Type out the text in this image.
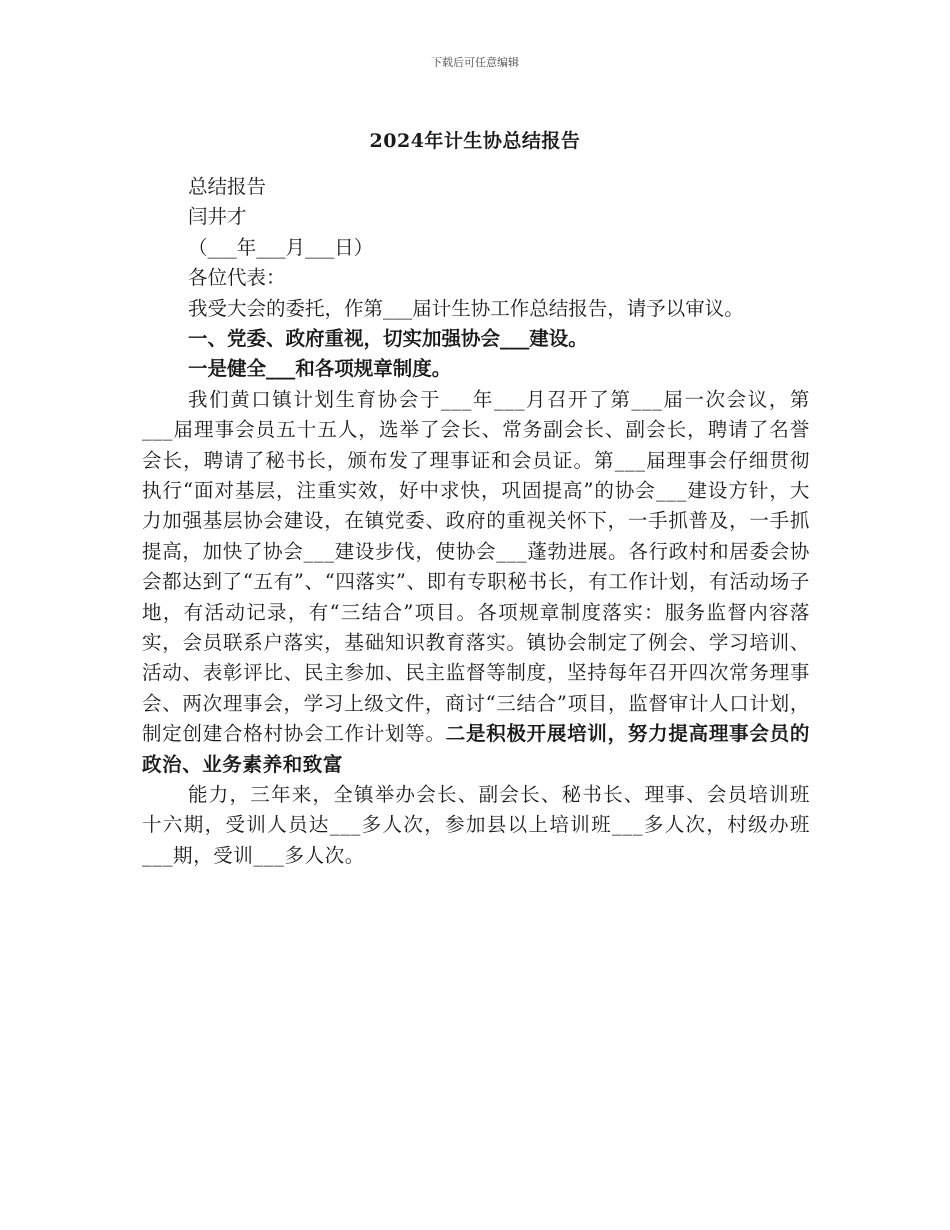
下载后可任意编辑
2024年计生协总结报告
总结报告
闫井才
（___年___月___日）
各位代表：
我受大会的委托，作第___届计生协工作总结报告，请予以审议。
一、党委、政府重视，切实加强协会___建设。
一是健全___和各项规章制度。

我们黄口镇计划生育协会于___年___月召开了第___届一次会议，第___届理事会员五十五人，选举了会长、常务副会长、副会长，聘请了名誉会长，聘请了秘书长，颁布发了理事证和会员证。第___届理事会仔细贯彻执行“面对基层，注重实效，好中求快，巩固提高”的协会___建设方针，大力加强基层协会建设，在镇党委、政府的重视关怀下，一手抓普及，一手抓提高，加快了协会___建设步伐，使协会___蓬勃进展。各行政村和居委会协会都达到了“五有”、“四落实”、即有专职秘书长，有工作计划，有活动场子地，有活动记录，有“三结合”项目。各项规章制度落实：服务监督内容落实，会员联系户落实，基础知识教育落实。镇协会制定了例会、学习培训、活动、表彰评比、民主参加、民主监督等制度，坚持每年召开四次常务理事会、两次理事会，学习上级文件，商讨“三结合”项目，监督审计人口计划，制定创建合格村协会工作计划等。二是积极开展培训，努力提高理事会员的政治、业务素养和致富

能力，三年来，全镇举办会长、副会长、秘书长、理事、会员培训班十六期，受训人员达___多人次，参加县以上培训班___多人次，村级办班___期，受训___多人次。
